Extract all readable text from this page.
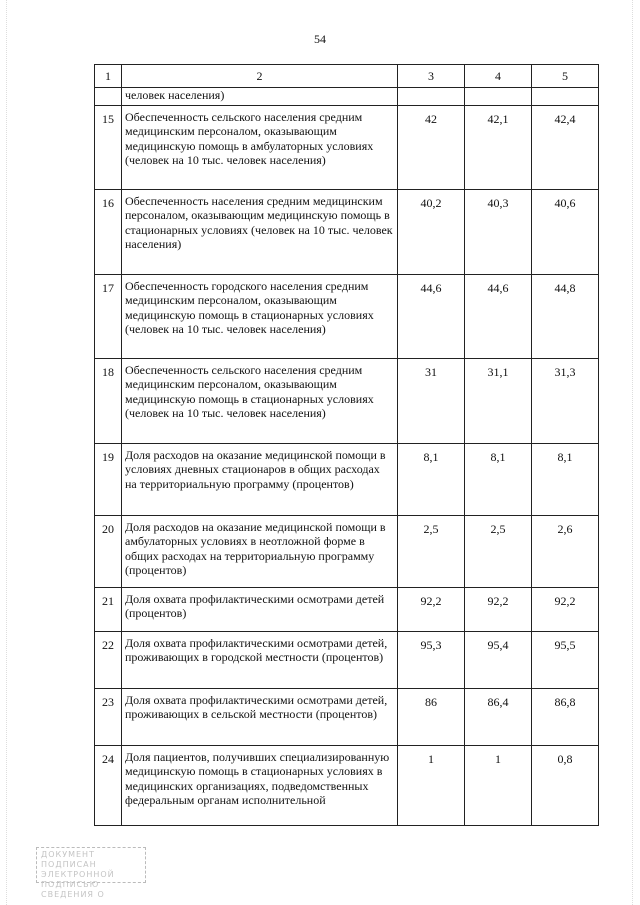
54
1	2	3	4	5
	человек населения)			
15	Обеспеченность сельского населения средним медицинским персоналом, оказывающим медицинскую помощь в амбулаторных условиях (человек на 10 тыс. человек населения)	42	42,1	42,4
16	Обеспеченность населения средним медицинским персоналом, оказывающим медицинскую помощь в стационарных условиях (человек на 10 тыс. человек населения)	40,2	40,3	40,6
17	Обеспеченность городского населения средним медицинским персоналом, оказывающим медицинскую помощь в стационарных условиях (человек на 10 тыс. человек населения)	44,6	44,6	44,8
18	Обеспеченность сельского населения средним медицинским персоналом, оказывающим медицинскую помощь в стационарных условиях (человек на 10 тыс. человек населения)	31	31,1	31,3
19	Доля расходов на оказание медицинской помощи в условиях дневных стационаров в общих расходах на территориальную программу (процентов)	8,1	8,1	8,1
20	Доля расходов на оказание медицинской помощи в амбулаторных условиях в неотложной форме в общих расходах на территориальную программу (процентов)	2,5	2,5	2,6
21	Доля охвата профилактическими осмотрами детей (процентов)	92,2	92,2	92,2
22	Доля охвата профилактическими осмотрами детей, проживающих в городской местности (процентов)	95,3	95,4	95,5
23	Доля охвата профилактическими осмотрами детей, проживающих в сельской местности (процентов)	86	86,4	86,8
24	Доля пациентов, получивших специализированную медицинскую помощь в стационарных условиях в медицинских организациях, подведомственных федеральным органам исполнительной	1	1	0,8
ДОКУМЕНТ ПОДПИСАН
ЭЛЕКТРОННОЙ ПОДПИСЬЮ
СВЕДЕНИЯ О
